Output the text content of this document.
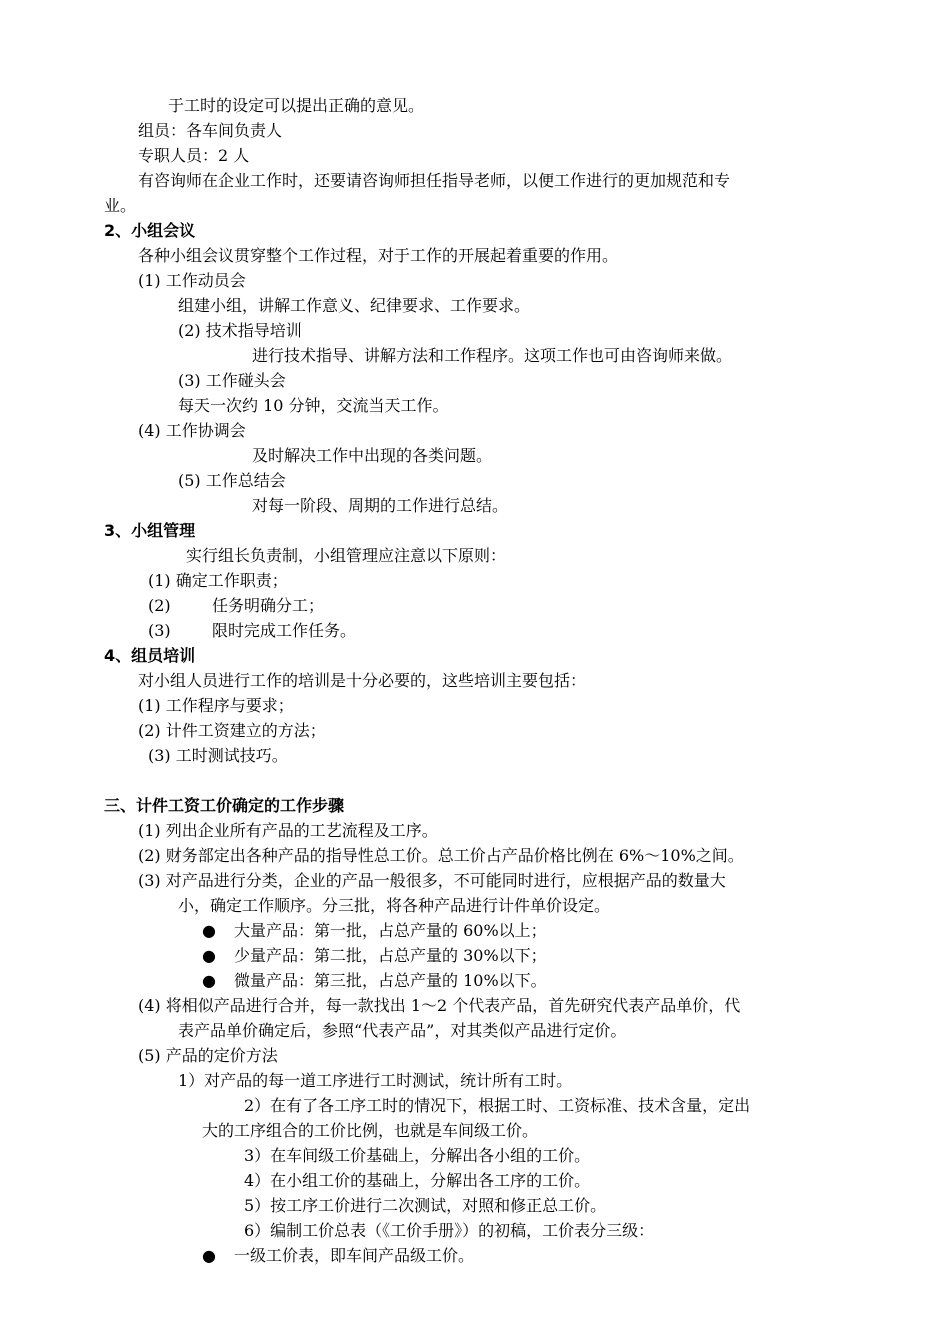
于工时的设定可以提出正确的意见。
组员：各车间负责人
专职人员：2 人
有咨询师在企业工作时，还要请咨询师担任指导老师，以便工作进行的更加规范和专
业。
2、小组会议
各种小组会议贯穿整个工作过程，对于工作的开展起着重要的作用。
(1) 工作动员会
组建小组，讲解工作意义、纪律要求、工作要求。
(2) 技术指导培训
进行技术指导、讲解方法和工作程序。这项工作也可由咨询师来做。
(3) 工作碰头会
每天一次约 10 分钟，交流当天工作。
(4) 工作协调会
及时解决工作中出现的各类问题。
(5) 工作总结会
对每一阶段、周期的工作进行总结。
3、小组管理
实行组长负责制，小组管理应注意以下原则：
(1) 确定工作职责；
(2)	任务明确分工；
(3)	限时完成工作任务。
4、组员培训
对小组人员进行工作的培训是十分必要的，这些培训主要包括：
(1) 工作程序与要求；
(2) 计件工资建立的方法；
(3) 工时测试技巧。
三、计件工资工价确定的工作步骤
(1) 列出企业所有产品的工艺流程及工序。
(2) 财务部定出各种产品的指导性总工价。总工价占产品价格比例在 6%～10%之间。
(3) 对产品进行分类，企业的产品一般很多，不可能同时进行，应根据产品的数量大
小，确定工作顺序。分三批，将各种产品进行计件单价设定。
● 大量产品：第一批，占总产量的 60%以上；
● 少量产品：第二批，占总产量的 30%以下；
● 微量产品：第三批，占总产量的 10%以下。
(4) 将相似产品进行合并，每一款找出 1～2 个代表产品，首先研究代表产品单价，代
表产品单价确定后，参照“代表产品”，对其类似产品进行定价。
(5) 产品的定价方法
1）对产品的每一道工序进行工时测试，统计所有工时。
2）在有了各工序工时的情况下，根据工时、工资标准、技术含量，定出
大的工序组合的工价比例，也就是车间级工价。
3）在车间级工价基础上，分解出各小组的工价。
4）在小组工价的基础上，分解出各工序的工价。
5）按工序工价进行二次测试，对照和修正总工价。
6）编制工价总表（《工价手册》）的初稿，工价表分三级：
● 一级工价表，即车间产品级工价。
